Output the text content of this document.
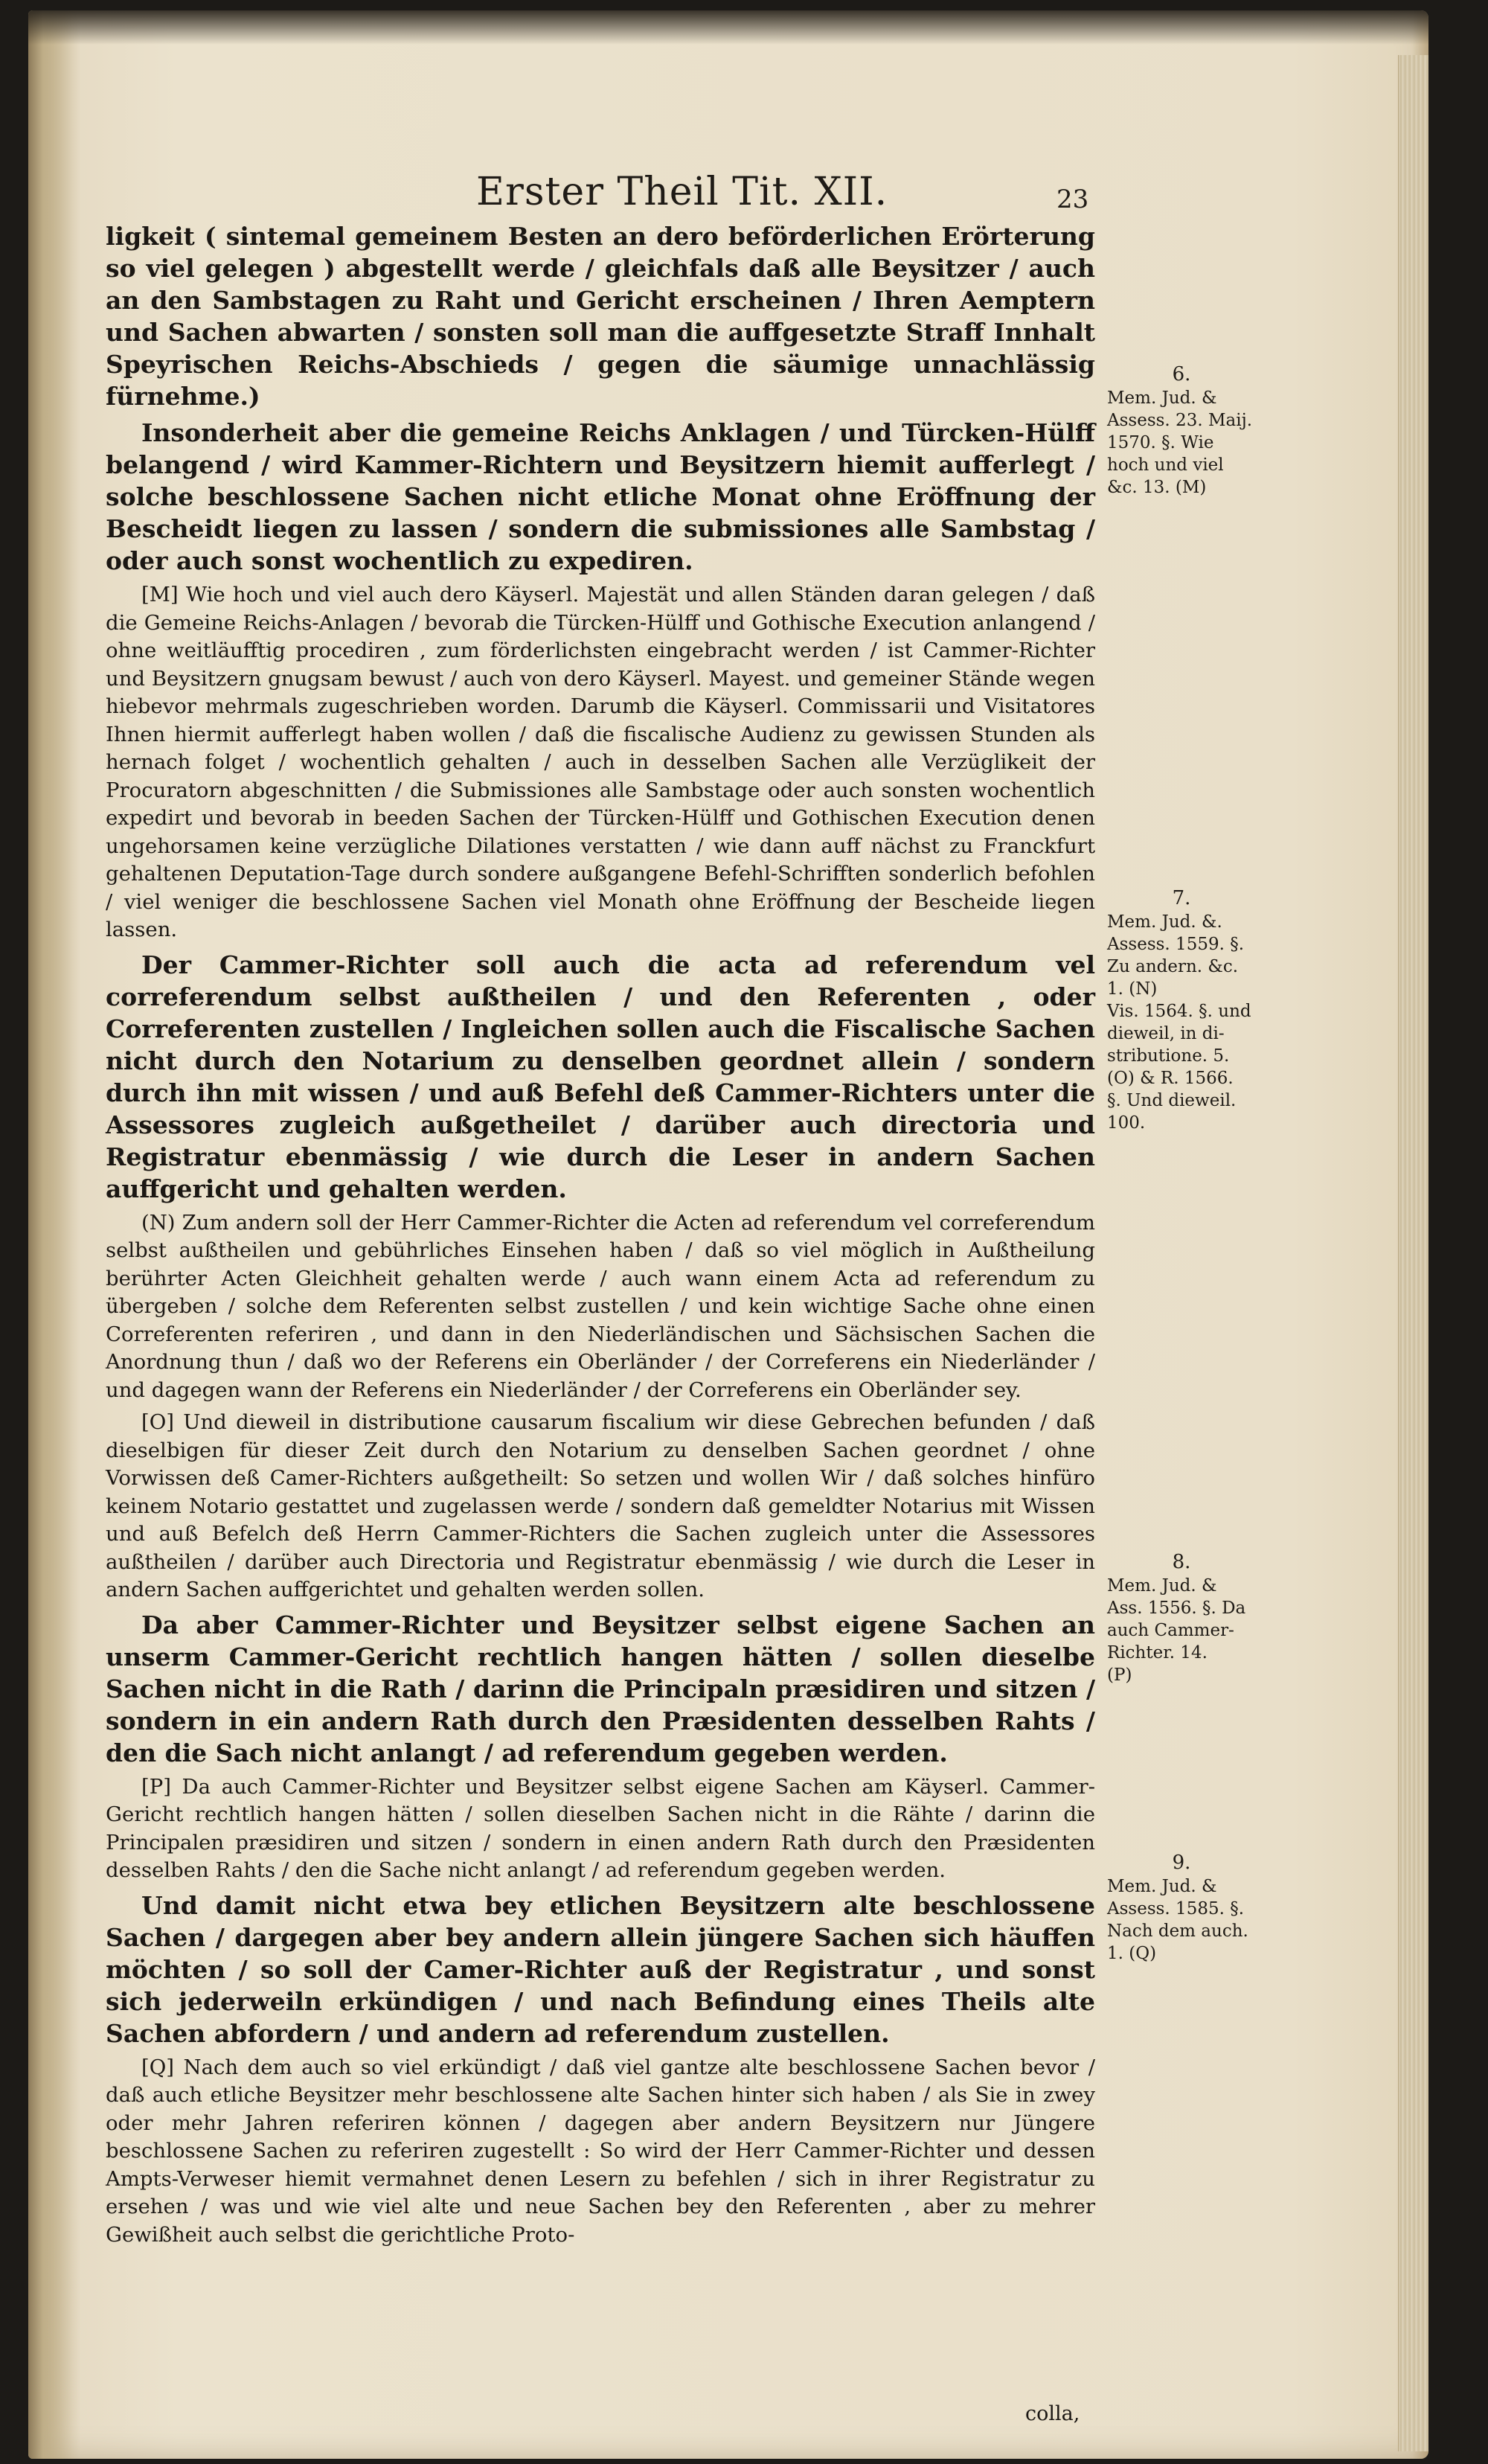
Erster Theil Tit. XII.	23

ligkeit ( sintemal gemeinem Besten an dero beförderlichen Erörterung so viel gelegen ) abgestellt werde / gleichfals daß alle Beysitzer / auch an den Sambstagen zu Raht und Gericht erscheinen / Ihren Aemptern und Sachen abwarten / sonsten soll man die auffgesetzte Straff Innhalt Speyrischen Reichs-Abschieds / gegen die säumige unnachlässig fürnehme.)

Insonderheit aber die gemeine Reichs Anklagen / und Türcken-Hülff belangend / wird Kammer-Richtern und Beysitzern hiemit aufferlegt / solche beschlossene Sachen nicht etliche Monat ohne Eröffnung der Bescheidt liegen zu lassen / sondern die submissiones alle Sambstag / oder auch sonst wochentlich zu expediren.

[M] Wie hoch und viel auch dero Käyserl. Majestät und allen Ständen daran gelegen / daß die Gemeine Reichs-Anlagen / bevorab die Türcken-Hülff und Gothische Execution anlangend / ohne weitläufftig procediren , zum förderlichsten eingebracht werden / ist Cammer-Richter und Beysitzern gnugsam bewust / auch von dero Käyserl. Mayest. und gemeiner Stände wegen hiebevor mehrmals zugeschrieben worden. Darumb die Käyserl. Commissarii und Visitatores Ihnen hiermit aufferlegt haben wollen / daß die fiscalische Audienz zu gewissen Stunden als hernach folget / wochentlich gehalten / auch in desselben Sachen alle Verzüglikeit der Procuratorn abgeschnitten / die Submissiones alle Sambstage oder auch sonsten wochentlich expedirt und bevorab in beeden Sachen der Türcken-Hülff und Gothischen Execution denen ungehorsamen keine verzügliche Dilationes verstatten / wie dann auff nächst zu Franckfurt gehaltenen Deputation-Tage durch sondere außgangene Befehl-Schrifften sonderlich befohlen / viel weniger die beschlossene Sachen viel Monath ohne Eröffnung der Bescheide liegen lassen.

Der Cammer-Richter soll auch die acta ad referendum vel correferendum selbst außtheilen / und den Referenten , oder Correferenten zustellen / Ingleichen sollen auch die Fiscalische Sachen nicht durch den Notarium zu denselben geordnet allein / sondern durch ihn mit wissen / und auß Befehl deß Cammer-Richters unter die Assessores zugleich außgetheilet / darüber auch directoria und Registratur ebenmässig / wie durch die Leser in andern Sachen auffgericht und gehalten werden.

(N) Zum andern soll der Herr Cammer-Richter die Acten ad referendum vel correferendum selbst außtheilen und gebührliches Einsehen haben / daß so viel möglich in Außtheilung berührter Acten Gleichheit gehalten werde / auch wann einem Acta ad referendum zu übergeben / solche dem Referenten selbst zustellen / und kein wichtige Sache ohne einen Correferenten referiren , und dann in den Niederländischen und Sächsischen Sachen die Anordnung thun / daß wo der Referens ein Oberländer / der Correferens ein Niederländer / und dagegen wann der Referens ein Niederländer / der Correferens ein Oberländer sey.

[O] Und dieweil in distributione causarum fiscalium wir diese Gebrechen befunden / daß dieselbigen für dieser Zeit durch den Notarium zu denselben Sachen geordnet / ohne Vorwissen deß Camer-Richters außgetheilt: So setzen und wollen Wir / daß solches hinfüro keinem Notario gestattet und zugelassen werde / sondern daß gemeldter Notarius mit Wissen und auß Befelch deß Herrn Cammer-Richters die Sachen zugleich unter die Assessores außtheilen / darüber auch Directoria und Registratur ebenmässig / wie durch die Leser in andern Sachen auffgerichtet und gehalten werden sollen.

Da aber Cammer-Richter und Beysitzer selbst eigene Sachen an unserm Cammer-Gericht rechtlich hangen hätten / sollen dieselbe Sachen nicht in die Rath / darinn die Principaln præsidiren und sitzen / sondern in ein andern Rath durch den Præsidenten desselben Rahts / den die Sach nicht anlangt / ad referendum gegeben werden.

[P] Da auch Cammer-Richter und Beysitzer selbst eigene Sachen am Käyserl. Cammer-Gericht rechtlich hangen hätten / sollen dieselben Sachen nicht in die Rähte / darinn die Principalen præsidiren und sitzen / sondern in einen andern Rath durch den Præsidenten desselben Rahts / den die Sache nicht anlangt / ad referendum gegeben werden.

Und damit nicht etwa bey etlichen Beysitzern alte beschlossene Sachen / dargegen aber bey andern allein jüngere Sachen sich häuffen möchten / so soll der Camer-Richter auß der Registratur , und sonst sich jederweiln erkündigen / und nach Befindung eines Theils alte Sachen abfordern / und andern ad referendum zustellen.

[Q] Nach dem auch so viel erkündigt / daß viel gantze alte beschlossene Sachen bevor / daß auch etliche Beysitzer mehr beschlossene alte Sachen hinter sich haben / als Sie in zwey oder mehr Jahren referiren können / dagegen aber andern Beysitzern nur Jüngere beschlossene Sachen zu referiren zugestellt : So wird der Herr Cammer-Richter und dessen Ampts-Verweser hiemit vermahnet denen Lesern zu befehlen / sich in ihrer Registratur zu ersehen / was und wie viel alte und neue Sachen bey den Referenten , aber zu mehrer Gewißheit auch selbst die gerichtliche Proto-

6.
Mem. Jud. &
Assess. 23. Maij.
1570. §. Wie
hoch und viel
&c. 13. (M)
7.
Mem. Jud. &.
Assess. 1559. §.
Zu andern. &c.
1. (N)
Vis. 1564. §. und
dieweil, in di-
stributione. 5.
(O) & R. 1566.
§. Und dieweil.
100.
8.
Mem. Jud. &
Ass. 1556. §. Da
auch Cammer-
Richter. 14.
(P)
9.
Mem. Jud. &
Assess. 1585. §.
Nach dem auch.
1. (Q)
colla,
